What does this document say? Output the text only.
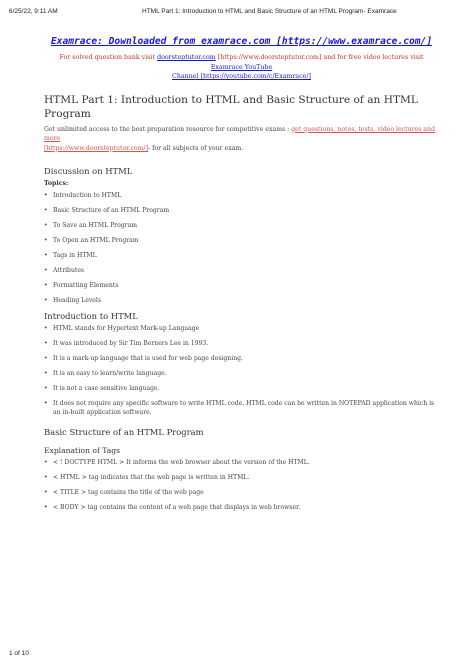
6/25/22, 9:11 AM	HTML Part 1: Introduction to HTML and Basic Structure of an HTML Program- Examrace
Examrace: Downloaded from examrace.com [https://www.examrace.com/]
For solved question bank visit doorsteptutor.com [https://www.doorsteptutor.com] and for free video lectures visit Examrace YouTube
Channel [https://youtube.com/c/Examrace/]
HTML Part 1: Introduction to HTML and Basic Structure of an HTML Program
Get unlimited access to the best preparation resource for competitive exams : get questions, notes, tests, video lectures and more
[https://www.doorsteptutor.com/]- for all subjects of your exam.
Discussion on HTML
Topics:
• Introduction to HTML
• Basic Structure of an HTML Program
• To Save an HTML Program
• To Open an HTML Program
• Tags in HTML
• Attributes
• Formatting Elements
• Heading Levels
Introduction to HTML
• HTML stands for Hypertext Mark-up Language
• It was introduced by Sir Tim Berners Lee in 1993.
• It is a mark-up language that is used for web page designing.
• It is an easy to learn/write language.
• It is not a case sensitive language.
• It does not require any specific software to write HTML code. HTML code can be written in NOTEPAD application which is an in-built application software.
Basic Structure of an HTML Program
Explanation of Tags
• < ! DOCTYPE HTML > It informs the web browser about the version of the HTML.
• < HTML > tag indicates that the web page is written in HTML.
• < TITLE > tag contains the title of the web page
• < BODY > tag contains the content of a web page that displays in web browser.
1 of 10
